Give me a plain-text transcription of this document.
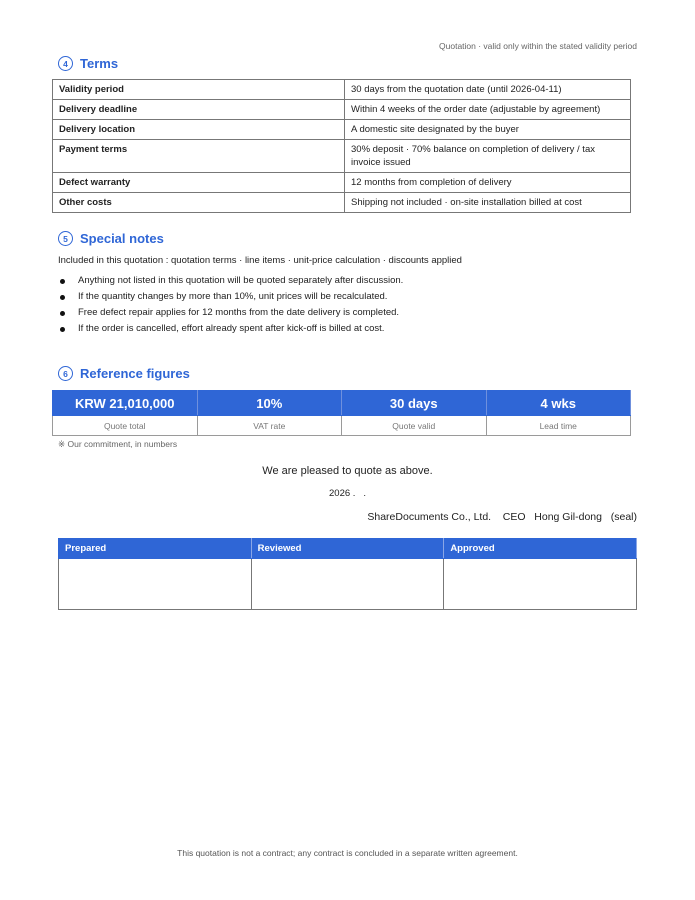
Quotation · valid only within the stated validity period
4 Terms
Validity period	30 days from the quotation date (until 2026-04-11)
Delivery deadline	Within 4 weeks of the order date (adjustable by agreement)
Delivery location	A domestic site designated by the buyer
Payment terms	30% deposit · 70% balance on completion of delivery / tax invoice issued
Defect warranty	12 months from completion of delivery
Other costs	Shipping not included · on-site installation billed at cost
5 Special notes
Included in this quotation : quotation terms · line items · unit-price calculation · discounts applied
Anything not listed in this quotation will be quoted separately after discussion.
If the quantity changes by more than 10%, unit prices will be recalculated.
Free defect repair applies for 12 months from the date delivery is completed.
If the order is cancelled, effort already spent after kick-off is billed at cost.
6 Reference figures
KRW 21,010,000	10%	30 days	4 wks
Quote total	VAT rate	Quote valid	Lead time
※ Our commitment, in numbers
We are pleased to quote as above.
2026 .   .
ShareDocuments Co., Ltd.    CEO   Hong Gil-dong   (seal)
Prepared	Reviewed	Approved

This quotation is not a contract; any contract is concluded in a separate written agreement.
